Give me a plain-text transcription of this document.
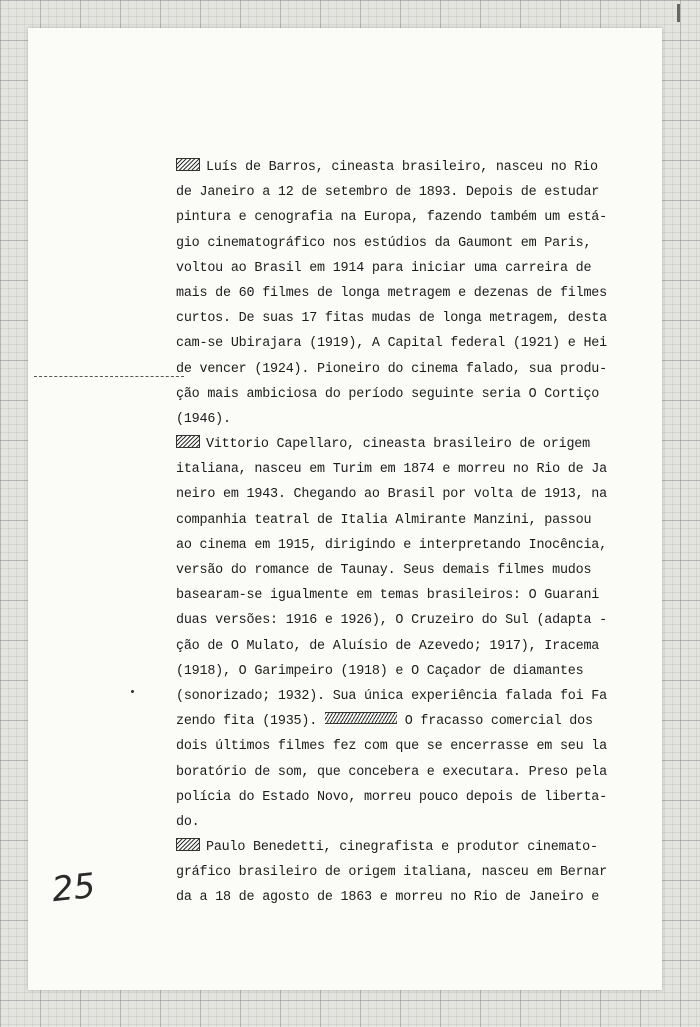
Luís de Barros, cineasta brasileiro, nasceu no Rio
de Janeiro a 12 de setembro de 1893. Depois de estudar
pintura e cenografia na Europa, fazendo também um está-
gio cinematográfico nos estúdios da Gaumont em Paris,
voltou ao Brasil em 1914 para iniciar uma carreira de
mais de 60 filmes de longa metragem e dezenas de filmes
curtos. De suas 17 fitas mudas de longa metragem, desta
cam-se Ubirajara (1919), A Capital federal (1921) e Hei
de vencer (1924). Pioneiro do cinema falado, sua produ-
ção mais ambiciosa do período seguinte seria O Cortiço
(1946).
Vittorio Capellaro, cineasta brasileiro de origem
italiana, nasceu em Turim em 1874 e morreu no Rio de Ja
neiro em 1943. Chegando ao Brasil por volta de 1913, na
companhia teatral de Italia Almirante Manzini, passou
ao cinema em 1915, dirigindo e interpretando Inocência,
versão do romance de Taunay. Seus demais filmes mudos
basearam-se igualmente em temas brasileiros: O Guarani
duas versões: 1916 e 1926), O Cruzeiro do Sul (adapta -
ção de O Mulato, de Aluísio de Azevedo; 1917), Iracema
(1918), O Garimpeiro (1918) e O Caçador de diamantes
(sonorizado; 1932). Sua única experiência falada foi Fa
zendo fita (1935).	O fracasso comercial dos
dois últimos filmes fez com que se encerrasse em seu la
boratório de som, que concebera e executara. Preso pela
polícia do Estado Novo, morreu pouco depois de liberta-
do.
Paulo Benedetti, cinegrafista e produtor cinemato-
gráfico brasileiro de origem italiana, nasceu em Bernar
da a 18 de agosto de 1863 e morreu no Rio de Janeiro e
25
